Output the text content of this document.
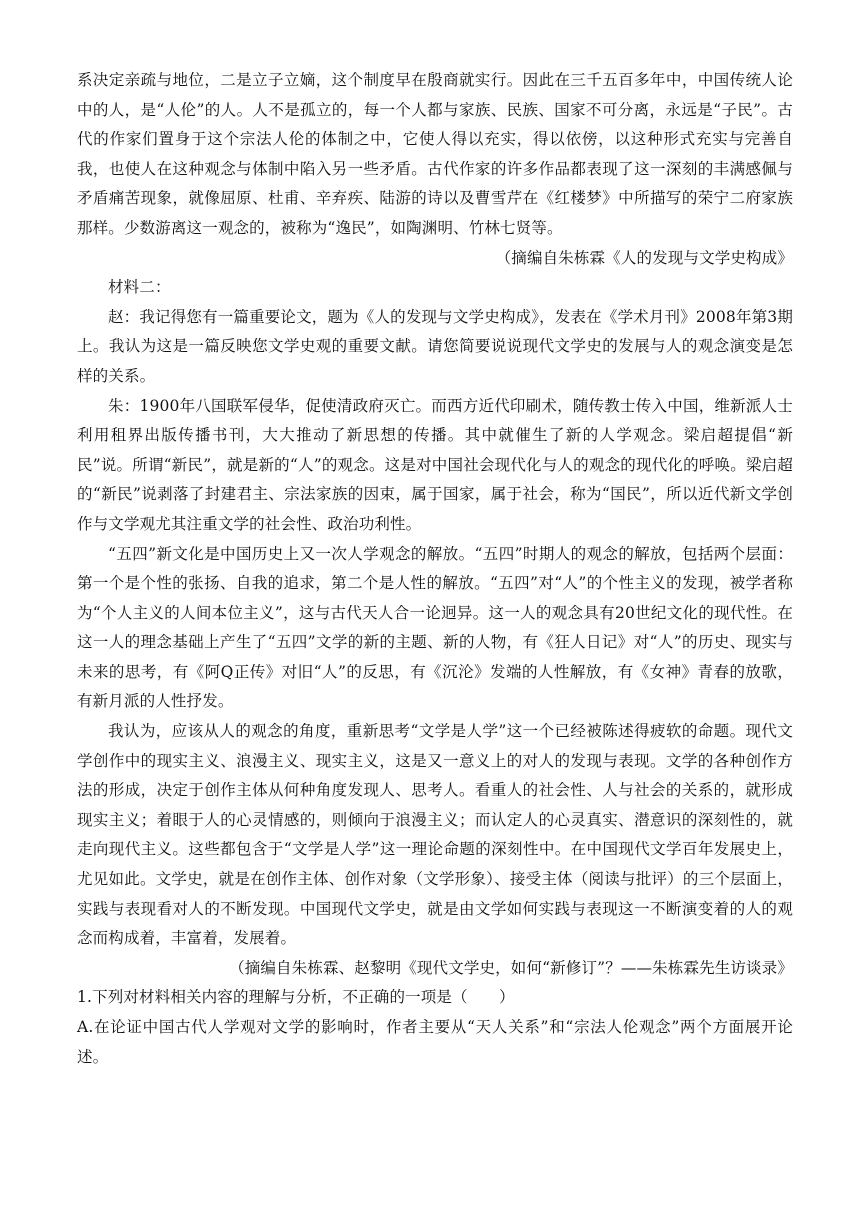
系决定亲疏与地位，二是立子立嫡，这个制度早在殷商就实行。因此在三千五百多年中，中国传统人论中的人，是“人伦”的人。人不是孤立的，每一个人都与家族、民族、国家不可分离，永远是“子民”。古代的作家们置身于这个宗法人伦的体制之中，它使人得以充实，得以依傍，以这种形式充实与完善自我，也使人在这种观念与体制中陷入另一些矛盾。古代作家的许多作品都表现了这一深刻的丰满感佩与矛盾痛苦现象，就像屈原、杜甫、辛弃疾、陆游的诗以及曹雪芹在《红楼梦》中所描写的荣宁二府家族那样。少数游离这一观念的，被称为“逸民”，如陶渊明、竹林七贤等。

（摘编自朱栋霖《人的发现与文学史构成》

材料二：

赵：我记得您有一篇重要论文，题为《人的发现与文学史构成》，发表在《学术月刊》2008年第3期上。我认为这是一篇反映您文学史观的重要文献。请您简要说说现代文学史的发展与人的观念演变是怎样的关系。

朱：1900年八国联军侵华，促使清政府灭亡。而西方近代印刷术，随传教士传入中国，维新派人士利用租界出版传播书刊，大大推动了新思想的传播。其中就催生了新的人学观念。梁启超提倡“新民”说。所谓“新民”，就是新的“人”的观念。这是对中国社会现代化与人的观念的现代化的呼唤。梁启超的“新民”说剥落了封建君主、宗法家族的因束，属于国家，属于社会，称为“国民”，所以近代新文学创作与文学观尤其注重文学的社会性、政治功利性。

“五四”新文化是中国历史上又一次人学观念的解放。“五四”时期人的观念的解放，包括两个层面：第一个是个性的张扬、自我的追求，第二个是人性的解放。“五四”对“人”的个性主义的发现，被学者称为“个人主义的人间本位主义”，这与古代天人合一论迥异。这一人的观念具有20世纪文化的现代性。在这一人的理念基础上产生了“五四”文学的新的主题、新的人物，有《狂人日记》对“人”的历史、现实与未来的思考，有《阿Q正传》对旧“人”的反思，有《沉沦》发端的人性解放，有《女神》青春的放歌，有新月派的人性抒发。

我认为，应该从人的观念的角度，重新思考“文学是人学”这一个已经被陈述得疲软的命题。现代文学创作中的现实主义、浪漫主义、现实主义，这是又一意义上的对人的发现与表现。文学的各种创作方法的形成，决定于创作主体从何种角度发现人、思考人。看重人的社会性、人与社会的关系的，就形成现实主义；着眼于人的心灵情感的，则倾向于浪漫主义；而认定人的心灵真实、潜意识的深刻性的，就走向现代主义。这些都包含于“文学是人学”这一理论命题的深刻性中。在中国现代文学百年发展史上，尤见如此。文学史，就是在创作主体、创作对象（文学形象）、接受主体（阅读与批评）的三个层面上，实践与表现看对人的不断发现。中国现代文学史，就是由文学如何实践与表现这一不断演变着的人的观念而构成着，丰富着，发展着。

（摘编自朱栋霖、赵黎明《现代文学史，如何“新修订”？——朱栋霖先生访谈录》

1.下列对材料相关内容的理解与分析，不正确的一项是（　　）

A.在论证中国古代人学观对文学的影响时，作者主要从“天人关系”和“宗法人伦观念”两个方面展开论述。
